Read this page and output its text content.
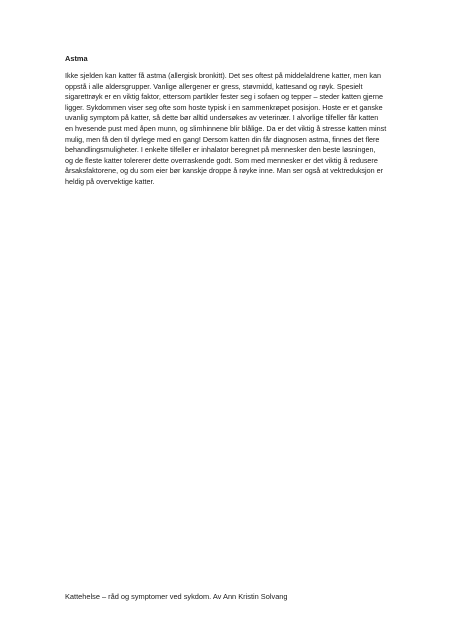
Astma

Ikke sjelden kan katter få astma (allergisk bronkitt). Det ses oftest på middelaldrene katter, men kan
oppstå i alle aldersgrupper. Vanlige allergener er gress, støvmidd, kattesand og røyk. Spesielt
sigarettrøyk er en viktig faktor, ettersom partikler fester seg i sofaen og tepper – steder katten gjerne
ligger. Sykdommen viser seg ofte som hoste typisk i en sammenkrøpet posisjon. Hoste er et ganske
uvanlig symptom på katter, så dette bør alltid undersøkes av veterinær. I alvorlige tilfeller får katten
en hvesende pust med åpen munn, og slimhinnene blir blålige. Da er det viktig å stresse katten minst
mulig, men få den til dyrlege med en gang! Dersom katten din får diagnosen astma, finnes det flere
behandlingsmuligheter. I enkelte tilfeller er inhalator beregnet på mennesker den beste løsningen,
og de fleste katter tolererer dette overraskende godt. Som med mennesker er det viktig å redusere
årsaksfaktorene, og du som eier bør kanskje droppe å røyke inne. Man ser også at vektreduksjon er
heldig på overvektige katter.

Kattehelse – råd og symptomer ved sykdom. Av Ann Kristin Solvang
